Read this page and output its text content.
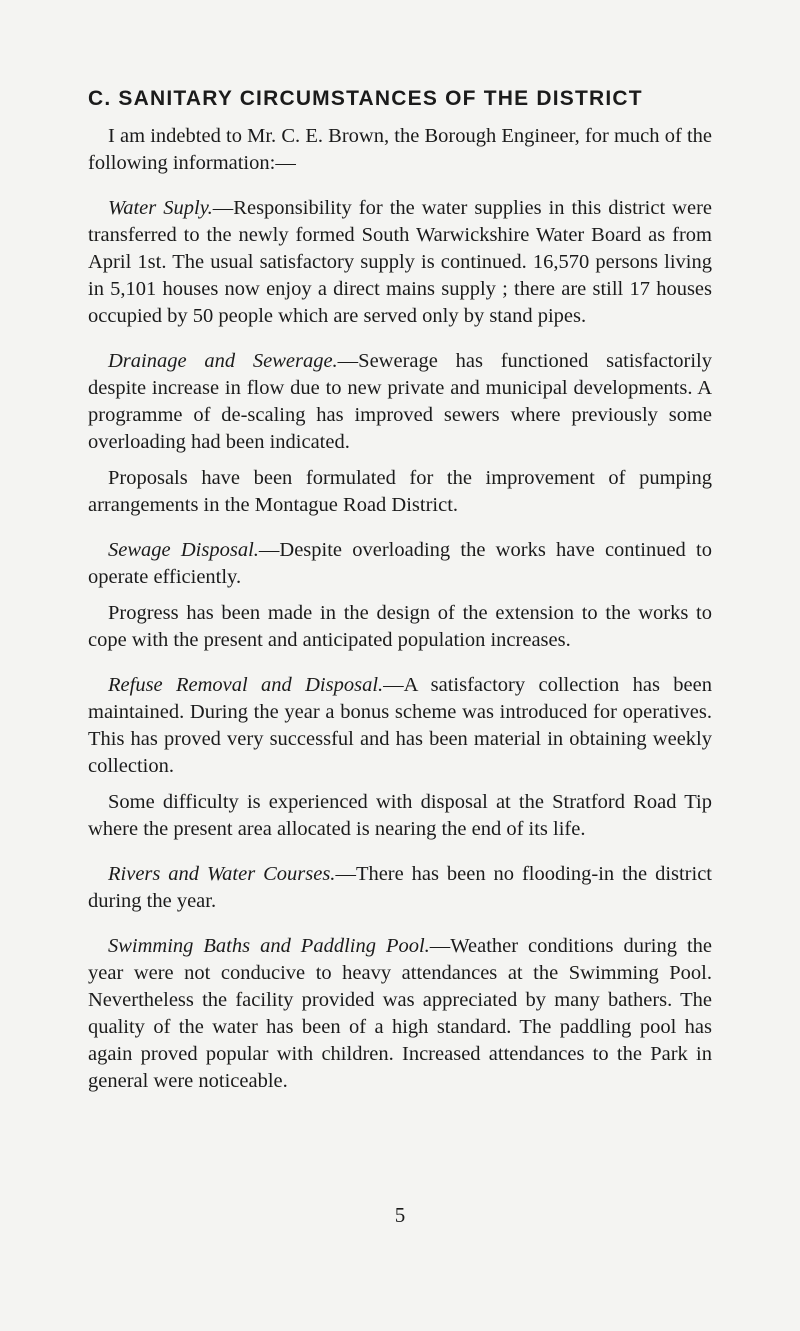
C. SANITARY CIRCUMSTANCES OF THE DISTRICT

I am indebted to Mr. C. E. Brown, the Borough Engineer, for much of the following information:—

Water Suply.—Responsibility for the water supplies in this district were transferred to the newly formed South Warwickshire Water Board as from April 1st. The usual satisfactory supply is continued. 16,570 persons living in 5,101 houses now enjoy a direct mains supply ; there are still 17 houses occupied by 50 people which are served only by stand pipes.

Drainage and Sewerage.—Sewerage has functioned satisfactorily despite increase in flow due to new private and municipal developments. A programme of de-scaling has improved sewers where previously some overloading had been indicated.

Proposals have been formulated for the improvement of pumping arrangements in the Montague Road District.

Sewage Disposal.—Despite overloading the works have continued to operate efficiently.

Progress has been made in the design of the extension to the works to cope with the present and anticipated population increases.

Refuse Removal and Disposal.—A satisfactory collection has been maintained. During the year a bonus scheme was introduced for operatives. This has proved very successful and has been material in obtaining weekly collection.

Some difficulty is experienced with disposal at the Stratford Road Tip where the present area allocated is nearing the end of its life.

Rivers and Water Courses.—There has been no flooding-in the district during the year.

Swimming Baths and Paddling Pool.—Weather conditions during the year were not conducive to heavy attendances at the Swimming Pool. Nevertheless the facility provided was appreciated by many bathers. The quality of the water has been of a high standard. The paddling pool has again proved popular with children. Increased attendances to the Park in general were noticeable.

5
